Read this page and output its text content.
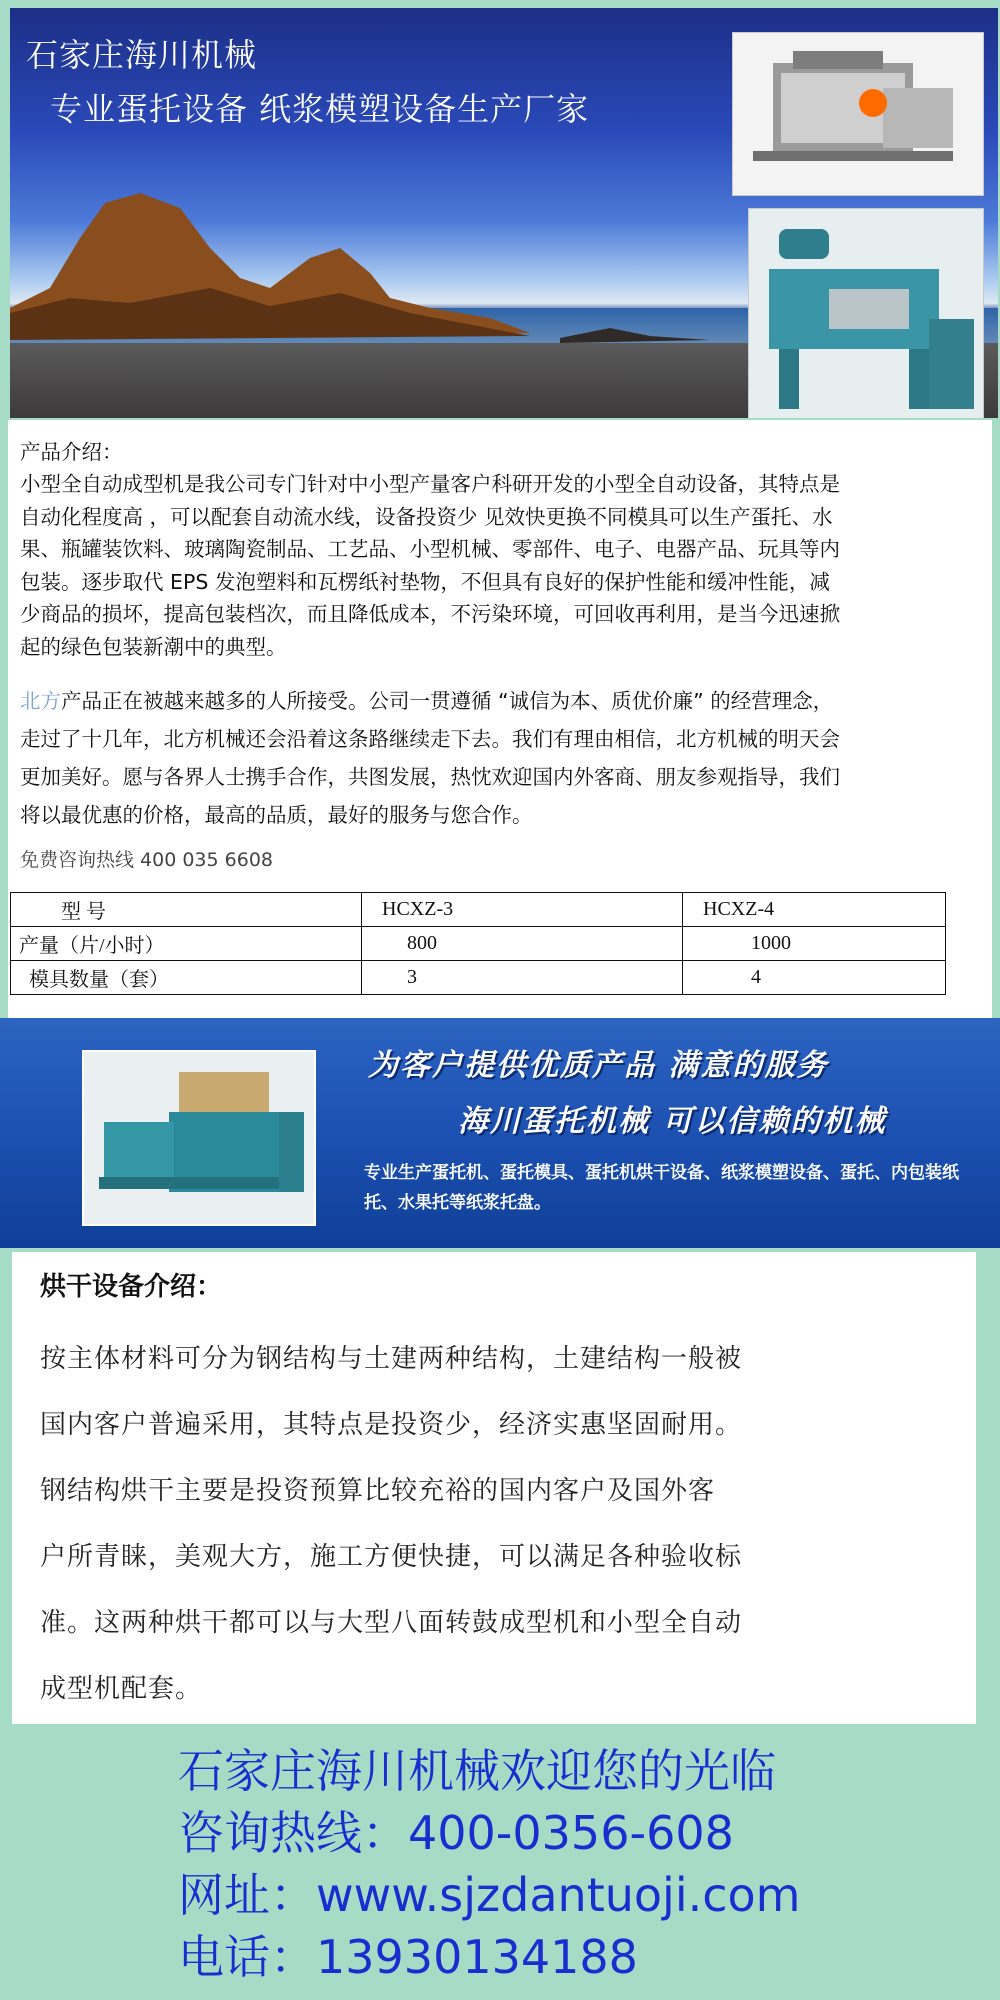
石家庄海川机械
专业蛋托设备 纸浆模塑设备生产厂家
产品介绍：
小型全自动成型机是我公司专门针对中小型产量客户科研开发的小型全自动设备，其特点是
自动化程度高 ，可以配套自动流水线，设备投资少 见效快更换不同模具可以生产蛋托、水
果、瓶罐装饮料、玻璃陶瓷制品、工艺品、小型机械、零部件、电子、电器产品、玩具等内
包装。逐步取代 EPS 发泡塑料和瓦楞纸衬垫物，不但具有良好的保护性能和缓冲性能，减
少商品的损坏，提高包装档次，而且降低成本，不污染环境，可回收再利用，是当今迅速掀
起的绿色包装新潮中的典型。
北方产品正在被越来越多的人所接受。公司一贯遵循 “诚信为本、质优价廉” 的经营理念，
走过了十几年，北方机械还会沿着这条路继续走下去。我们有理由相信，北方机械的明天会
更加美好。愿与各界人士携手合作，共图发展，热忱欢迎国内外客商、朋友参观指导，我们
将以最优惠的价格，最高的品质，最好的服务与您合作。
免费咨询热线 400 035 6608
型 号	HCXZ-3	HCXZ-4
产量（片/小时）	800	1000
模具数量（套）	3	4
为客户提供优质产品 满意的服务
海川蛋托机械 可以信赖的机械
专业生产蛋托机、蛋托模具、蛋托机烘干设备、纸浆模塑设备、蛋托、内包装纸托、水果托等纸浆托盘。
烘干设备介绍：
按主体材料可分为钢结构与土建两种结构，土建结构一般被
国内客户普遍采用，其特点是投资少，经济实惠坚固耐用。
钢结构烘干主要是投资预算比较充裕的国内客户及国外客
户所青睐，美观大方，施工方便快捷，可以满足各种验收标
准。这两种烘干都可以与大型八面转鼓成型机和小型全自动
成型机配套。
石家庄海川机械欢迎您的光临
咨询热线：400-0356-608
网址：www.sjzdantuoji.com
电话：13930134188
